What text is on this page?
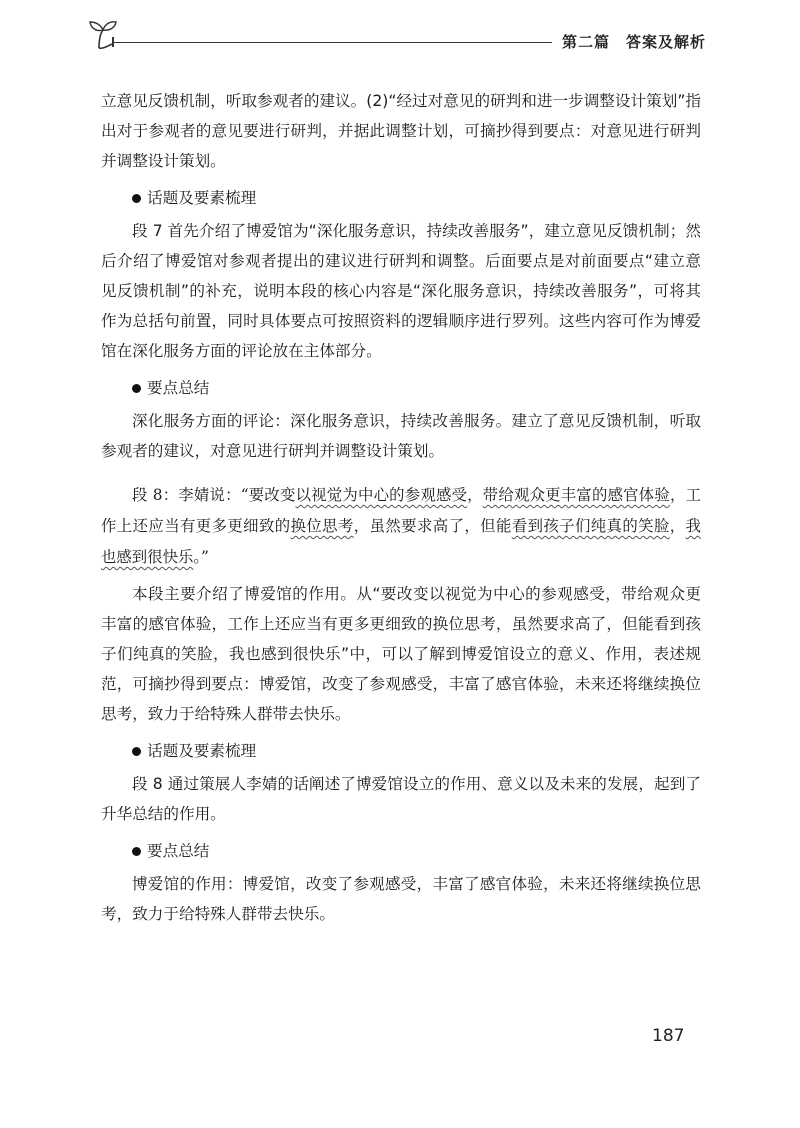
第二篇　答案及解析

立意见反馈机制，听取参观者的建议。(2)“经过对意见的研判和进一步调整设计策划”指出对于参观者的意见要进行研判，并据此调整计划，可摘抄得到要点：对意见进行研判并调整设计策划。

话题及要素梳理

段 7 首先介绍了博爱馆为“深化服务意识，持续改善服务”，建立意见反馈机制；然后介绍了博爱馆对参观者提出的建议进行研判和调整。后面要点是对前面要点“建立意见反馈机制”的补充，说明本段的核心内容是“深化服务意识，持续改善服务”，可将其作为总括句前置，同时具体要点可按照资料的逻辑顺序进行罗列。这些内容可作为博爱馆在深化服务方面的评论放在主体部分。

要点总结

深化服务方面的评论：深化服务意识，持续改善服务。建立了意见反馈机制，听取参观者的建议，对意见进行研判并调整设计策划。

段 8：李婧说：“要改变以视觉为中心的参观感受，带给观众更丰富的感官体验，工作上还应当有更多更细致的换位思考，虽然要求高了，但能看到孩子们纯真的笑脸，我也感到很快乐。”

本段主要介绍了博爱馆的作用。从“要改变以视觉为中心的参观感受，带给观众更丰富的感官体验，工作上还应当有更多更细致的换位思考，虽然要求高了，但能看到孩子们纯真的笑脸，我也感到很快乐”中，可以了解到博爱馆设立的意义、作用，表述规范，可摘抄得到要点：博爱馆，改变了参观感受，丰富了感官体验，未来还将继续换位思考，致力于给特殊人群带去快乐。

话题及要素梳理

段 8 通过策展人李婧的话阐述了博爱馆设立的作用、意义以及未来的发展，起到了升华总结的作用。

要点总结

博爱馆的作用：博爱馆，改变了参观感受，丰富了感官体验，未来还将继续换位思考，致力于给特殊人群带去快乐。

187
